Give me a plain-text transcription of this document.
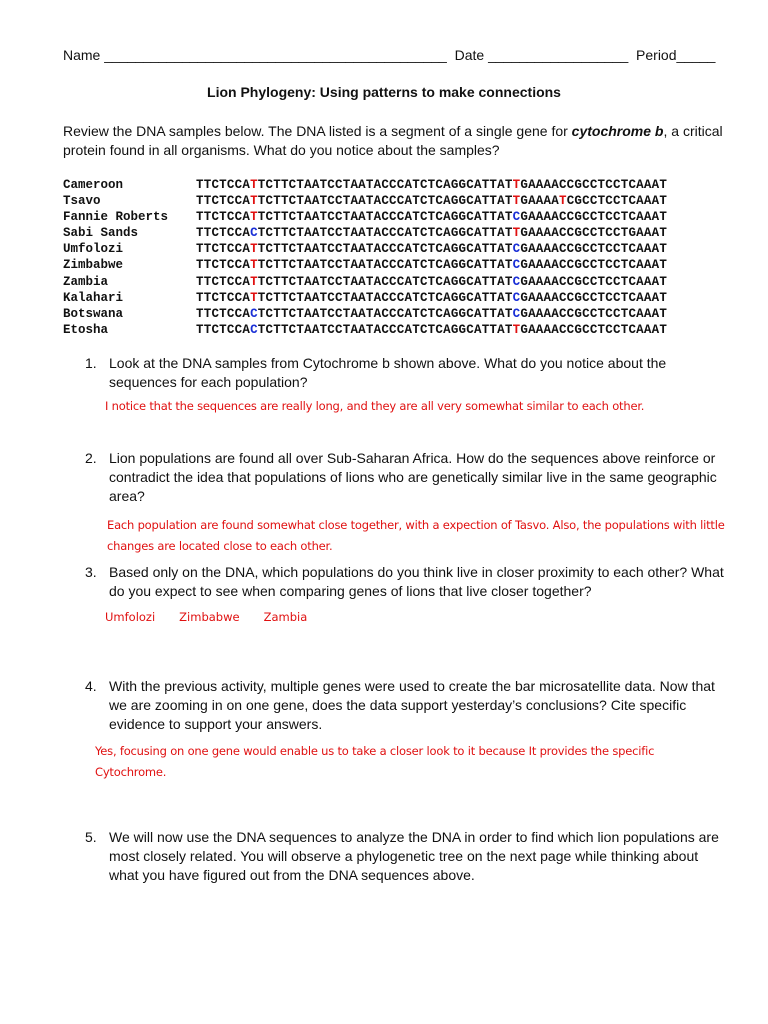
Name ____________________________________________ Date __________________ Period_____
Lion Phylogeny: Using patterns to make connections
Review the DNA samples below. The DNA listed is a segment of a single gene for cytochrome b, a critical protein found in all organisms. What do you notice about the samples?
Cameroon	TTCTCCATTCTTCTAATCCTAATACCCATCTCAGGCATTATTGAAAACCGCCTCCTCAAAT
Tsavo	TTCTCCATTCTTCTAATCCTAATACCCATCTCAGGCATTATTGAAAATCGCCTCCTCAAAT
Fannie Roberts	TTCTCCATTCTTCTAATCCTAATACCCATCTCAGGCATTATCGAAAACCGCCTCCTCAAAT
Sabi Sands	TTCTCCACTCTTCTAATCCTAATACCCATCTCAGGCATTATTGAAAACCGCCTCCTGAAAT
Umfolozi	TTCTCCATTCTTCTAATCCTAATACCCATCTCAGGCATTATCGAAAACCGCCTCCTCAAAT
Zimbabwe	TTCTCCATTCTTCTAATCCTAATACCCATCTCAGGCATTATCGAAAACCGCCTCCTCAAAT
Zambia	TTCTCCATTCTTCTAATCCTAATACCCATCTCAGGCATTATCGAAAACCGCCTCCTCAAAT
Kalahari	TTCTCCATTCTTCTAATCCTAATACCCATCTCAGGCATTATCGAAAACCGCCTCCTCAAAT
Botswana	TTCTCCACTCTTCTAATCCTAATACCCATCTCAGGCATTATCGAAAACCGCCTCCTCAAAT
Etosha	TTCTCCACTCTTCTAATCCTAATACCCATCTCAGGCATTATTGAAAACCGCCTCCTCAAAT
1. Look at the DNA samples from Cytochrome b shown above. What do you notice about the sequences for each population?
I notice that the sequences are really long, and they are all very somewhat similar to each other.
2. Lion populations are found all over Sub-Saharan Africa. How do the sequences above reinforce or contradict the idea that populations of lions who are genetically similar live in the same geographic area?
Each population are found somewhat close together, with a expection of Tasvo. Also, the populations with little changes are located close to each other.
3. Based only on the DNA, which populations do you think live in closer proximity to each other? What do you expect to see when comparing genes of lions that live closer together?
Umfolozi Zimbabwe Zambia
4. With the previous activity, multiple genes were used to create the bar microsatellite data. Now that we are zooming in on one gene, does the data support yesterday’s conclusions? Cite specific evidence to support your answers.
Yes, focusing on one gene would enable us to take a closer look to it because It provides the specific Cytochrome.
5. We will now use the DNA sequences to analyze the DNA in order to find which lion populations are most closely related. You will observe a phylogenetic tree on the next page while thinking about what you have figured out from the DNA sequences above.
